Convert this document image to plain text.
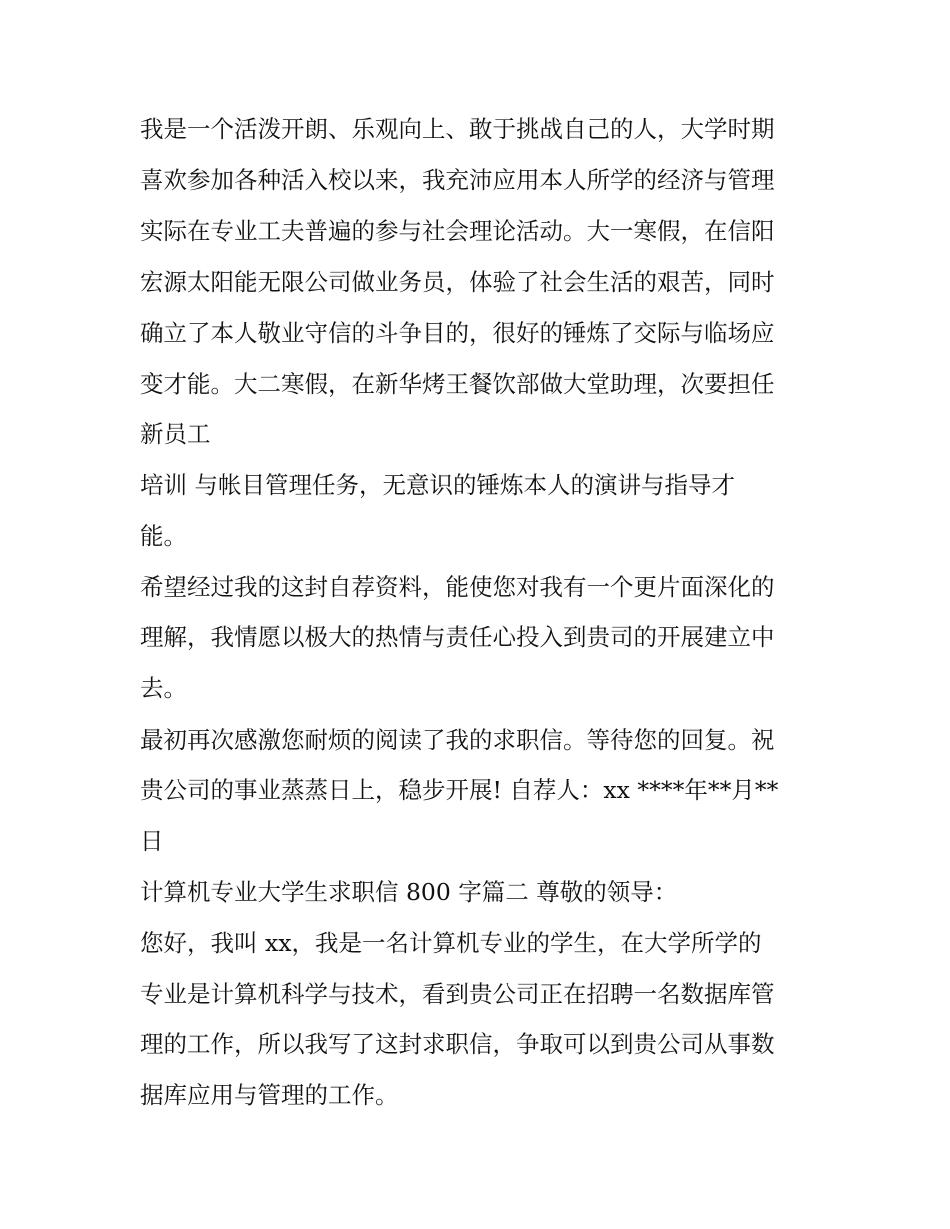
我是一个活泼开朗、乐观向上、敢于挑战自己的人，大学时期
喜欢参加各种活入校以来，我充沛应用本人所学的经济与管理
实际在专业工夫普遍的参与社会理论活动。大一寒假，在信阳
宏源太阳能无限公司做业务员，体验了社会生活的艰苦，同时
确立了本人敬业守信的斗争目的，很好的锤炼了交际与临场应
变才能。大二寒假，在新华烤王餐饮部做大堂助理，次要担任
新员工
培训 与帐目管理任务，无意识的锤炼本人的演讲与指导才
能。
希望经过我的这封自荐资料，能使您对我有一个更片面深化的
理解，我情愿以极大的热情与责任心投入到贵司的开展建立中
去。
最初再次感激您耐烦的阅读了我的求职信。等待您的回复。祝
贵公司的事业蒸蒸日上，稳步开展! 自荐人：xx ****年**月**
日
计算机专业大学生求职信 800 字篇二 尊敬的领导：
您好，我叫 xx，我是一名计算机专业的学生，在大学所学的
专业是计算机科学与技术，看到贵公司正在招聘一名数据库管
理的工作，所以我写了这封求职信，争取可以到贵公司从事数
据库应用与管理的工作。
